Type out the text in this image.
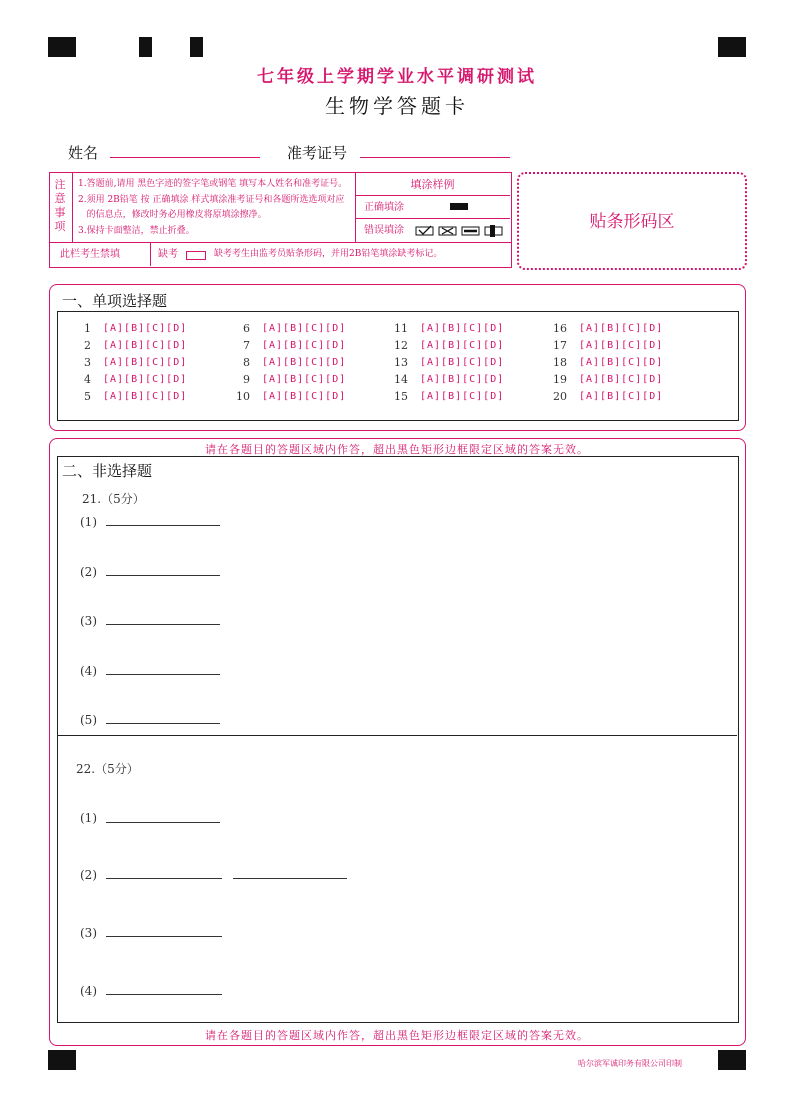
七年级上学期学业水平调研测试
生物学答题卡
姓名	准考证号
注意事项
1.答题前,请用 黑色字迹的签字笔或钢笔 填写本人姓名和准考证号。
2.须用 2B铅笔 按 正确填涂 样式填涂准考证号和各题所选选项对应
的信息点，修改时务必用橡皮将原填涂擦净。
3.保持卡面整洁，禁止折叠。
此栏考生禁填	缺考	缺考考生由监考员贴条形码，并用2B铅笔填涂缺考标记。
填涂样例
正确填涂
错误填涂	贴条形码区
一、单项选择题
1 [A][B][C][D]
2 [A][B][C][D]
3 [A][B][C][D]
4 [A][B][C][D]
5 [A][B][C][D]
6 [A][B][C][D]
7 [A][B][C][D]
8 [A][B][C][D]
9 [A][B][C][D]
10 [A][B][C][D]
11 [A][B][C][D]
12 [A][B][C][D]
13 [A][B][C][D]
14 [A][B][C][D]
15 [A][B][C][D]
16 [A][B][C][D]
17 [A][B][C][D]
18 [A][B][C][D]
19 [A][B][C][D]
20 [A][B][C][D]
请在各题目的答题区域内作答，超出黑色矩形边框限定区域的答案无效。
二、非选择题
21.（5分）
(1)
(2)
(3)
(4)
(5)
22.（5分）
(1)
(2)
(3)
(4)
请在各题目的答题区域内作答，超出黑色矩形边框限定区域的答案无效。
哈尔滨军诚印务有限公司印制
